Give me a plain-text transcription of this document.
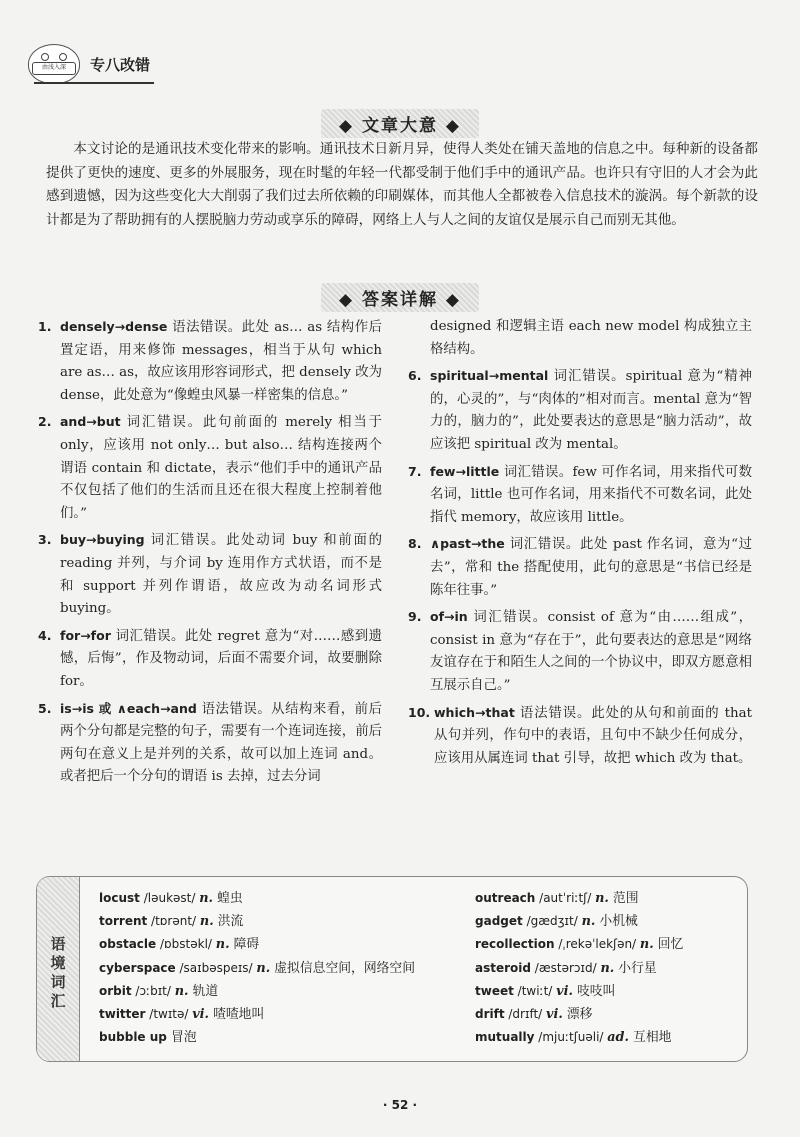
由浅入深	专八改错
◆ 文章大意 ◆

本文讨论的是通讯技术变化带来的影响。通讯技术日新月异，使得人类处在铺天盖地的信息之中。每种新的设备都提供了更快的速度、更多的外展服务，现在时髦的年轻一代都受制于他们手中的通讯产品。也许只有守旧的人才会为此感到遗憾，因为这些变化大大削弱了我们过去所依赖的印刷媒体，而其他人全都被卷入信息技术的漩涡。每个新款的设计都是为了帮助拥有的人摆脱脑力劳动或享乐的障碍，网络上人与人之间的友谊仅是展示自己而别无其他。

◆ 答案详解 ◆
1. densely→dense 语法错误。此处 as… as 结构作后置定语，用来修饰 messages，相当于从句 which are as… as，故应该用形容词形式，把 densely 改为dense，此处意为“像蝗虫风暴一样密集的信息。”
2. and→but 词汇错误。此句前面的 merely 相当于 only，应该用 not only… but also… 结构连接两个谓语 contain 和 dictate，表示“他们手中的通讯产品不仅包括了他们的生活而且还在很大程度上控制着他们。”
3. buy→buying 词汇错误。此处动词 buy 和前面的 reading 并列，与介词 by 连用作方式状语，而不是和 support 并列作谓语，故应改为动名词形式 buying。
4. for→for 词汇错误。此处 regret 意为“对……感到遗憾，后悔”，作及物动词，后面不需要介词，故要删除 for。
5. is→is 或 ∧each→and 语法错误。从结构来看，前后两个分句都是完整的句子，需要有一个连词连接，前后两句在意义上是并列的关系，故可以加上连词 and。或者把后一个分句的谓语 is 去掉，过去分词
designed 和逻辑主语 each new model 构成独立主格结构。
6. spiritual→mental 词汇错误。spiritual 意为“精神的，心灵的”，与“肉体的”相对而言。mental 意为“智力的，脑力的”，此处要表达的意思是“脑力活动”，故应该把 spiritual 改为 mental。
7. few→little 词汇错误。few 可作名词，用来指代可数名词，little 也可作名词，用来指代不可数名词，此处指代 memory，故应该用 little。
8. ∧past→the 词汇错误。此处 past 作名词，意为“过去”，常和 the 搭配使用，此句的意思是“书信已经是陈年往事。”
9. of→in 词汇错误。consist of 意为“由……组成”，consist in 意为“存在于”，此句要表达的意思是“网络友谊存在于和陌生人之间的一个协议中，即双方愿意相互展示自己。”
10. which→that 语法错误。此处的从句和前面的 that 从句并列，作句中的表语，且句中不缺少任何成分，应该用从属连词 that 引导，故把 which 改为 that。
语境词汇
locust /ləukəst/ n. 蝗虫
torrent /tɒrənt/ n. 洪流
obstacle /ɒbstəkl/ n. 障碍
cyberspace /saɪbəspeɪs/ n. 虚拟信息空间，网络空间
orbit /ɔːbɪt/ n. 轨道
twitter /twɪtə/ vi. 喳喳地叫
bubble up 冒泡
outreach /autˈriːtʃ/ n. 范围
gadget /gædʒɪt/ n. 小机械
recollection /ˌrekəˈlekʃən/ n. 回忆
asteroid /æstərɔɪd/ n. 小行星
tweet /twiːt/ vi. 吱吱叫
drift /drɪft/ vi. 漂移
mutually /mjuːtʃuəli/ ad. 互相地
· 52 ·
